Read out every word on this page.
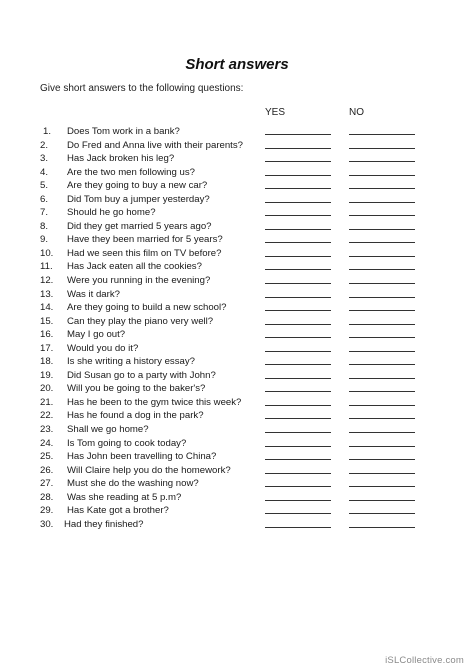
Short answers
Give short answers to the following questions:
YES	NO
1.	Does Tom work in a bank?
2.	Do Fred and Anna live with their parents?
3.	Has Jack broken his leg?
4.	Are the two men following us?
5.	Are they going to buy a new car?
6.	Did Tom buy a jumper yesterday?
7.	Should he go home?
8.	Did they get married 5 years ago?
9.	Have they been married for 5 years?
10.	Had we seen this film on TV before?
11.	Has Jack eaten all the cookies?
12.	Were you running in the evening?
13.	Was it dark?
14.	Are they going to build a new school?
15.	Can they play the piano very well?
16.	May I go out?
17.	Would you do it?
18.	Is she writing a history essay?
19.	Did Susan go to a party with John?
20.	Will you be going to the baker's?
21.	Has he been to the gym twice this week?
22.	Has he found a dog in the park?
23.	Shall we go home?
24.	Is Tom going to cook today?
25.	Has John been travelling to China?
26.	Will Claire help you do the homework?
27.	Must she do the washing now?
28.	Was she reading at 5 p.m?
29.	Has Kate got a brother?
30.	Had they finished?
iSLCollective.com
